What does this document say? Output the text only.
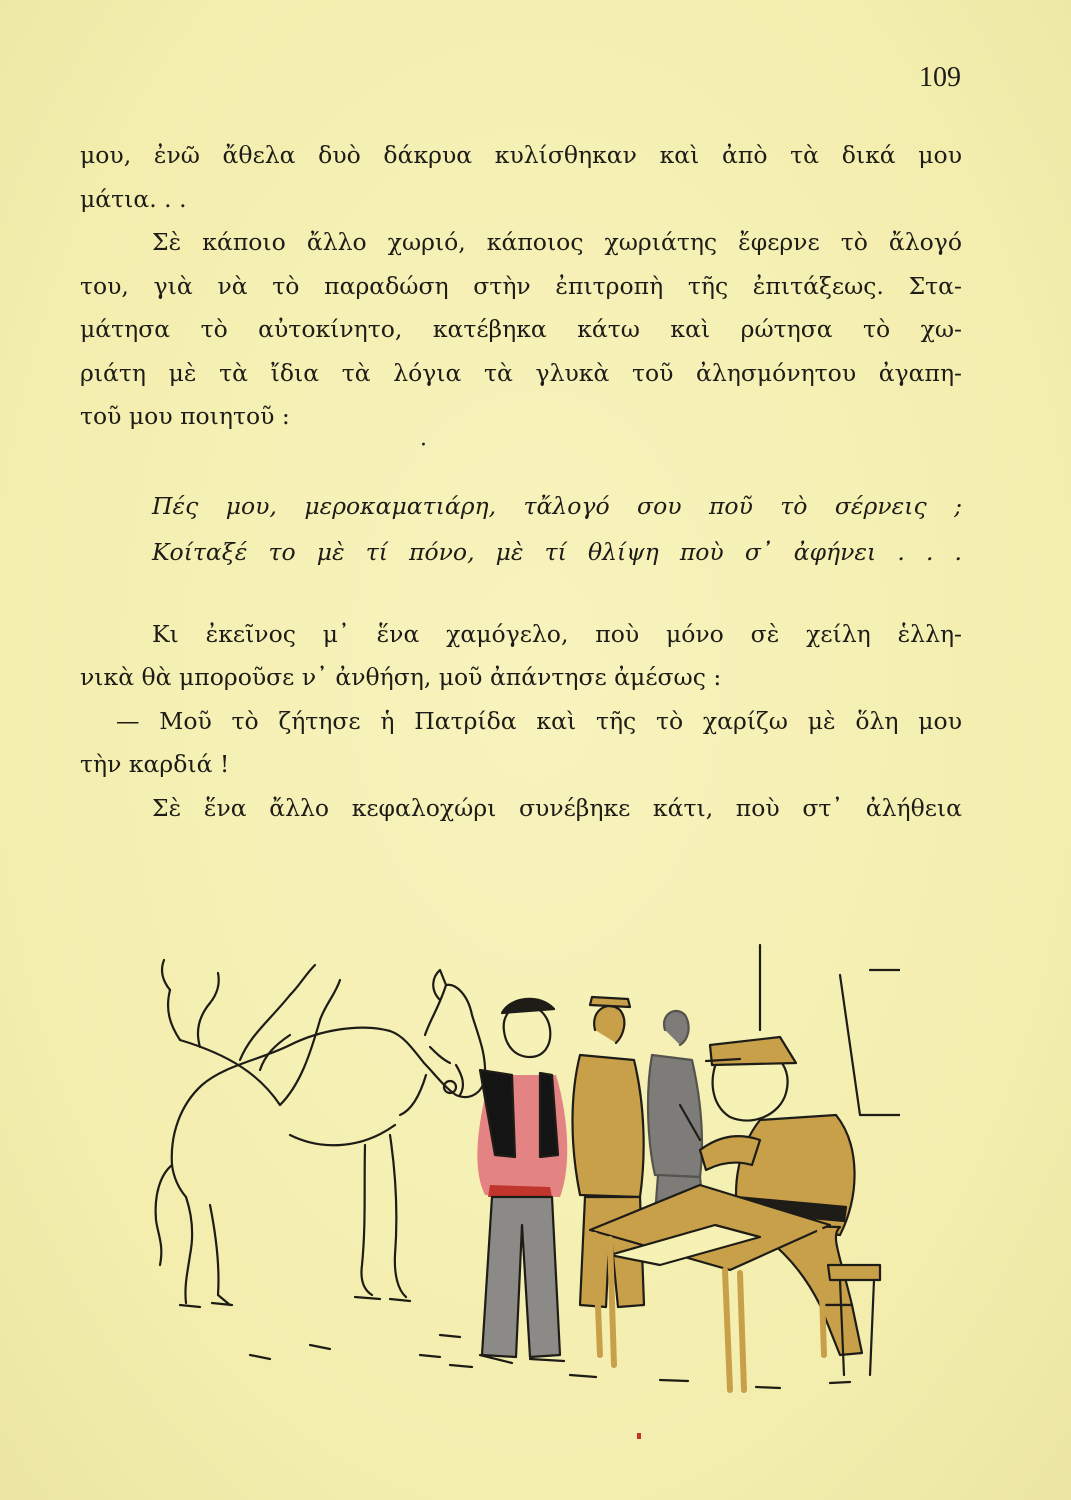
109
μου, ἐνῶ ἄθελα δυὸ δάκρυα κυλίσθηκαν καὶ ἀπὸ τὰ δικά μου
μάτια. . .
Σὲ κάποιο ἄλλο χωριό, κάποιος χωριάτης ἔφερνε τὸ ἄλογό
του, γιὰ νὰ τὸ παραδώση στὴν ἐπιτροπὴ τῆς ἐπιτάξεως. Στα-
μάτησα τὸ αὐτοκίνητο, κατέβηκα κάτω καὶ ρώτησα τὸ χω-
ριάτη μὲ τὰ ἴδια τὰ λόγια τὰ γλυκὰ τοῦ ἀλησμόνητου ἀγαπη-
τοῦ μου ποιητοῦ :
·
Πές μου, μεροκαματιάρη, τἄλογό σου ποῦ τὸ σέρνεις ;
Κοίταξέ το μὲ τί πόνο, μὲ τί θλίψη ποὺ σ᾿ ἀφήνει . . .
Κι ἐκεῖνος μ᾿ ἕνα χαμόγελο, ποὺ μόνο σὲ χείλη ἑλλη-
νικὰ θὰ μποροῦσε ν᾿ ἀνθήση, μοῦ ἀπάντησε ἀμέσως :
— Μοῦ τὸ ζήτησε ἡ Πατρίδα καὶ τῆς τὸ χαρίζω μὲ ὅλη μου
τὴν καρδιά !
Σὲ ἕνα ἄλλο κεφαλοχώρι συνέβηκε κάτι, ποὺ στ᾿ ἀλήθεια
